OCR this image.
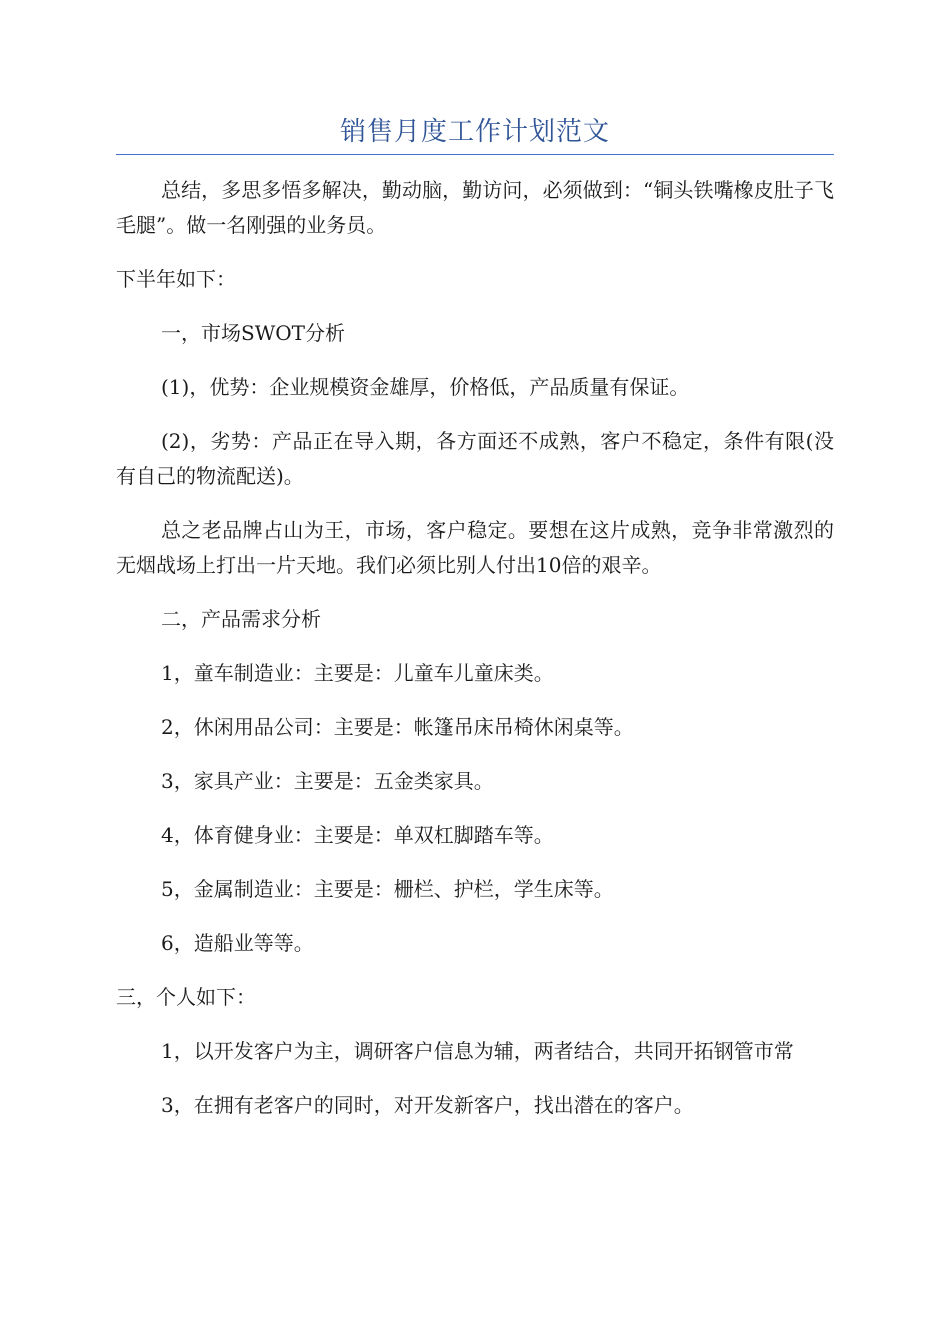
销售月度工作计划范文

总结，多思多悟多解决，勤动脑，勤访问，必须做到：“铜头铁嘴橡皮肚子飞毛腿”。做一名刚强的业务员。

下半年如下：

一，市场SWOT分析

(1)，优势：企业规模资金雄厚，价格低，产品质量有保证。

(2)，劣势：产品正在导入期，各方面还不成熟，客户不稳定，条件有限(没有自己的物流配送)。

总之老品牌占山为王，市场，客户稳定。要想在这片成熟，竞争非常激烈的无烟战场上打出一片天地。我们必须比别人付出10倍的艰辛。

二，产品需求分析

1，童车制造业：主要是：儿童车儿童床类。

2，休闲用品公司：主要是：帐篷吊床吊椅休闲桌等。

3，家具产业：主要是：五金类家具。

4，体育健身业：主要是：单双杠脚踏车等。

5，金属制造业：主要是：栅栏、护栏，学生床等。

6，造船业等等。

三，个人如下：

1，以开发客户为主，调研客户信息为辅，两者结合，共同开拓钢管市常

3，在拥有老客户的同时，对开发新客户，找出潜在的客户。
